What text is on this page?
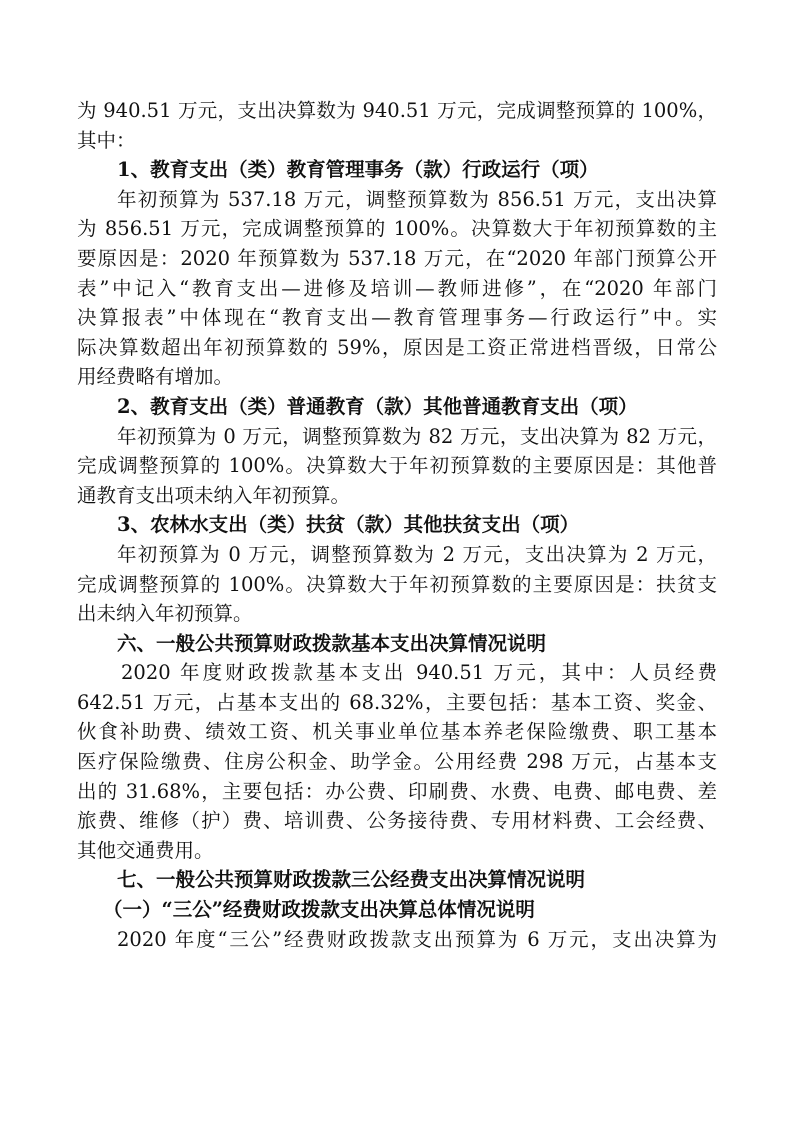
为 940.51 万元，支出决算数为 940.51 万元，完成调整预算的 100%，
其中：
1、教育支出（类）教育管理事务（款）行政运行（项）
年初预算为 537.18 万元，调整预算数为 856.51 万元，支出决算
为 856.51 万元，完成调整预算的 100%。决算数大于年初预算数的主
要原因是：2020 年预算数为 537.18 万元，在“2020 年部门预算公开
表”中记入“教育支出—进修及培训—教师进修”，在“2020 年部门
决算报表”中体现在“教育支出—教育管理事务—行政运行”中。实
际决算数超出年初预算数的 59%，原因是工资正常进档晋级，日常公
用经费略有增加。
2、教育支出（类）普通教育（款）其他普通教育支出（项）
年初预算为 0 万元，调整预算数为 82 万元，支出决算为 82 万元，
完成调整预算的 100%。决算数大于年初预算数的主要原因是：其他普
通教育支出项未纳入年初预算。
3、农林水支出（类）扶贫（款）其他扶贫支出（项）
年初预算为 0 万元，调整预算数为 2 万元，支出决算为 2 万元，
完成调整预算的 100%。决算数大于年初预算数的主要原因是：扶贫支
出未纳入年初预算。
六、一般公共预算财政拨款基本支出决算情况说明
2020 年度财政拨款基本支出 940.51 万元，其中：人员经费
642.51 万元，占基本支出的 68.32%，主要包括：基本工资、奖金、
伙食补助费、绩效工资、机关事业单位基本养老保险缴费、职工基本
医疗保险缴费、住房公积金、助学金。公用经费 298 万元，占基本支
出的 31.68%，主要包括：办公费、印刷费、水费、电费、邮电费、差
旅费、维修（护）费、培训费、公务接待费、专用材料费、工会经费、
其他交通费用。
七、一般公共预算财政拨款三公经费支出决算情况说明
（一）“三公”经费财政拨款支出决算总体情况说明
2020 年度“三公”经费财政拨款支出预算为 6 万元，支出决算为
